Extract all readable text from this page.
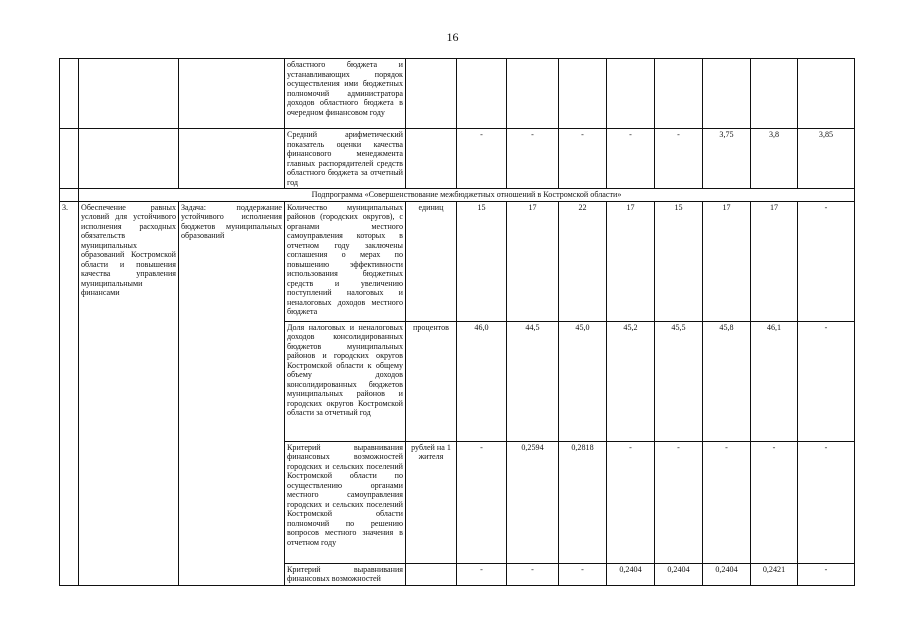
16
			областного бюджета и устанавливающих порядок осуществления ими бюджетных полномочий администратора доходов областного бюджета в очередном финансовом году									
			Средний арифметический показатель оценки качества финансового менеджмента главных распорядителей средств областного бюджета за отчетный год		-	-	-	-	-	3,75	3,8	3,85
	Подпрограмма «Совершенствование межбюджетных отношений в Костромской области»											
3.	Обеспечение равных условий для устойчивого исполнения расходных обязательств муниципальных образований Костромской области и повышения качества управления муниципальными финансами	Задача: поддержание устойчивого исполнения бюджетов муниципальных образований	Количество муниципальных районов (городских округов), с органами местного самоуправления которых в отчетном году заключены соглашения о мерах по повышению эффективности использования бюджетных средств и увеличению поступлений налоговых и неналоговых доходов местного бюджета	единиц	15	17	22	17	15	17	17	-
			Доля налоговых и неналоговых доходов консолидированных бюджетов муниципальных районов и городских округов Костромской области к общему объему доходов консолидированных бюджетов муниципальных районов и городских округов Костромской области за отчетный год	процентов	46,0	44,5	45,0	45,2	45,5	45,8	46,1	-
			Критерий выравнивания финансовых возможностей городских и сельских поселений Костромской области по осуществлению органами местного самоуправления городских и сельских поселений Костромской области полномочий по решению вопросов местного значения в отчетном году	рублей на 1 жителя	-	0,2594	0,2818	-	-	-	-	-
			Критерий выравнивания финансовых возможностей		-	-	-	0,2404	0,2404	0,2404	0,2421	-
